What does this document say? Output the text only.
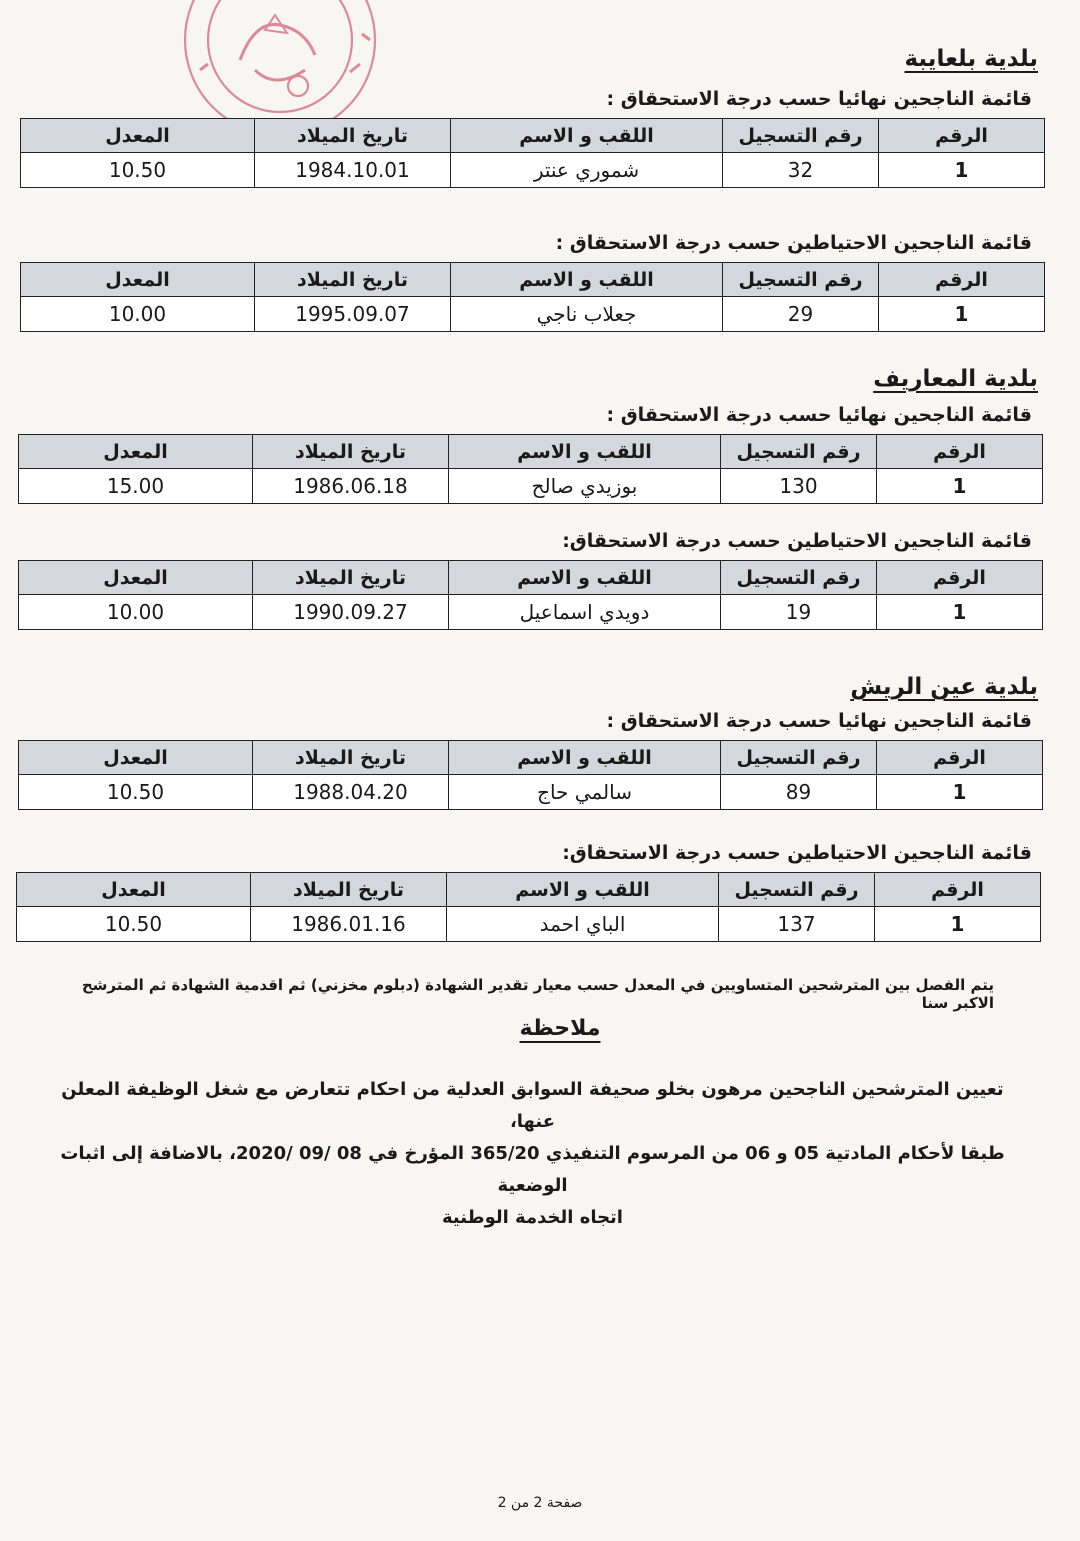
بلدية بلعايبة
قائمة الناجحين نهائيا حسب درجة الاستحقاق :
الرقم	رقم التسجيل	اللقب و الاسم	تاريخ الميلاد	المعدل
1	32	شموري عنتر	1984.10.01	10.50
قائمة الناجحين الاحتياطين حسب درجة الاستحقاق :
الرقم	رقم التسجيل	اللقب و الاسم	تاريخ الميلاد	المعدل
1	29	جعلاب ناجي	1995.09.07	10.00
بلدية المعاريف
قائمة الناجحين نهائيا حسب درجة الاستحقاق :
الرقم	رقم التسجيل	اللقب و الاسم	تاريخ الميلاد	المعدل
1	130	بوزيدي صالح	1986.06.18	15.00
قائمة الناجحين الاحتياطين حسب درجة الاستحقاق:
الرقم	رقم التسجيل	اللقب و الاسم	تاريخ الميلاد	المعدل
1	19	دويدي اسماعيل	1990.09.27	10.00
بلدية عين الريش
قائمة الناجحين نهائيا حسب درجة الاستحقاق :
الرقم	رقم التسجيل	اللقب و الاسم	تاريخ الميلاد	المعدل
1	89	سالمي حاج	1988.04.20	10.50
قائمة الناجحين الاحتياطين حسب درجة الاستحقاق:
الرقم	رقم التسجيل	اللقب و الاسم	تاريخ الميلاد	المعدل
1	137	الباي احمد	1986.01.16	10.50
يتم الفصل بين المترشحين المتساويين في المعدل حسب معيار تقدير الشهادة (دبلوم مخزني) ثم اقدمية الشهادة ثم المترشح الاكبر سنا
ملاحظة
تعيين المترشحين الناجحين مرهون بخلو صحيفة السوابق العدلية من احكام تتعارض مع شغل الوظيفة المعلن عنها،
طبقا لأحكام المادتية 05 و 06 من المرسوم التنفيذي 365/20 المؤرخ في 08 /09 /2020، بالاضافة إلى اثبات الوضعية
اتجاه الخدمة الوطنية
صفحة 2 من 2
